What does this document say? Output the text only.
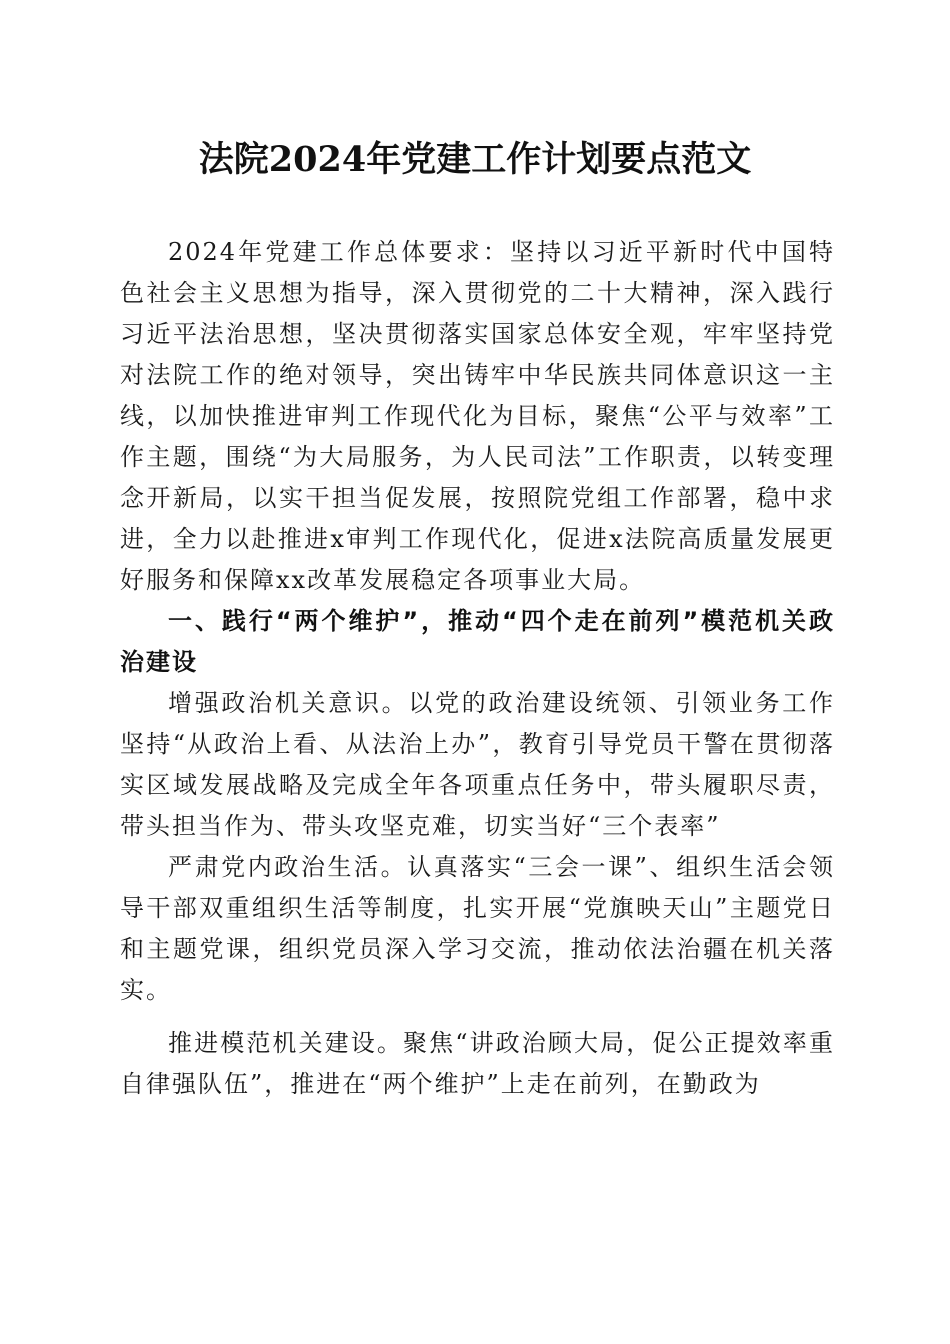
法院2024年党建工作计划要点范文

2024年党建工作总体要求：坚持以习近平新时代中国特色社会主义思想为指导，深入贯彻党的二十大精神，深入践行习近平法治思想，坚决贯彻落实国家总体安全观，牢牢坚持党对法院工作的绝对领导，突出铸牢中华民族共同体意识这一主线，以加快推进审判工作现代化为目标，聚焦“公平与效率”工作主题，围绕“为大局服务，为人民司法”工作职责，以转变理念开新局，以实干担当促发展，按照院党组工作部署，稳中求进，全力以赴推进x审判工作现代化，促进x法院高质量发展更好服务和保障xx改革发展稳定各项事业大局。

一、践行“两个维护”，推动“四个走在前列”模范机关政治建设

增强政治机关意识。以党的政治建设统领、引领业务工作坚持“从政治上看、从法治上办”，教育引导党员干警在贯彻落实区域发展战略及完成全年各项重点任务中，带头履职尽责，带头担当作为、带头攻坚克难，切实当好“三个表率”

严肃党内政治生活。认真落实“三会一课”、组织生活会领导干部双重组织生活等制度，扎实开展“党旗映天山”主题党日和主题党课，组织党员深入学习交流，推动依法治疆在机关落实。

推进模范机关建设。聚焦“讲政治顾大局，促公正提效率重自律强队伍”，推进在“两个维护”上走在前列，在勤政为
